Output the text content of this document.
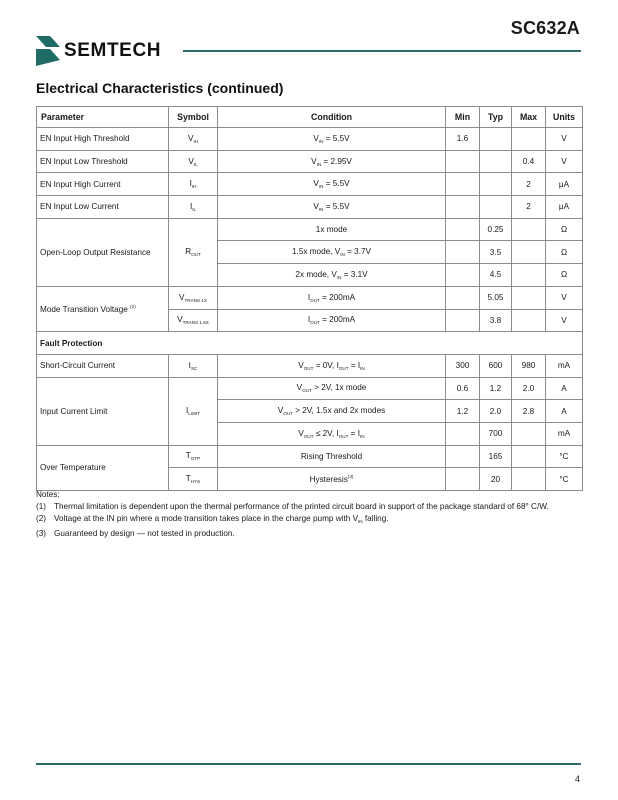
SC632A
SEMTECH
Electrical Characteristics (continued)
Parameter	Symbol	Condition	Min	Typ	Max	Units
EN Input High Threshold	$V_{IH}$	$V_{IN} = 5.5V$	1.6			V
EN Input Low Threshold	$V_{IL}$	$V_{IN} = 2.95V$			0.4	V
EN Input High Current	$I_{IH}$	$V_{IN} = 5.5V$			2	μA
EN Input Low Current	$I_{IL}$	$V_{IN} = 5.5V$			2	μA
Open-Loop Output Resistance	$R_{OUT}$	1x mode		0.25		Ω
		1.5x mode, $V_{IN} = 3.7V$		3.5		Ω
		2x mode, $V_{IN} = 3.1V$		4.5		Ω
Mode Transition Voltage $^{(2)}$	$V_{TRANS 1X}$	$I_{OUT} = 200mA$		5.05		V
	$V_{TRANS 1.5X}$	$I_{OUT} = 200mA$		3.8		V
Fault Protection						
Short-Circuit Current	$I_{SC}$	$V_{OUT} = 0V$, $I_{OUT} = I_{IN}$	300	600	980	mA
Input Current Limit	$I_{LIMIT}$	$V_{OUT} > 2V$, 1x mode	0.6	1.2	2.0	A
		$V_{OUT} > 2V$, 1.5x and 2x modes	1.2	2.0	2.8	A
		$V_{OUT} \le 2V$, $I_{OUT} = I_{IN}$		700		mA
Over Temperature	$T_{OTP}$	Rising Threshold		165		°C
	$T_{HYS}$	Hysteresis$^{(3)}$		20		°C
Notes:
(1) Thermal limitation is dependent upon the thermal performance of the printed circuit board in support of the package standard of 68° C/W.
(2) Voltage at the IN pin where a mode transition takes place in the charge pump with $V_{IN}$ falling.
(3) Guaranteed by design — not tested in production.
4
